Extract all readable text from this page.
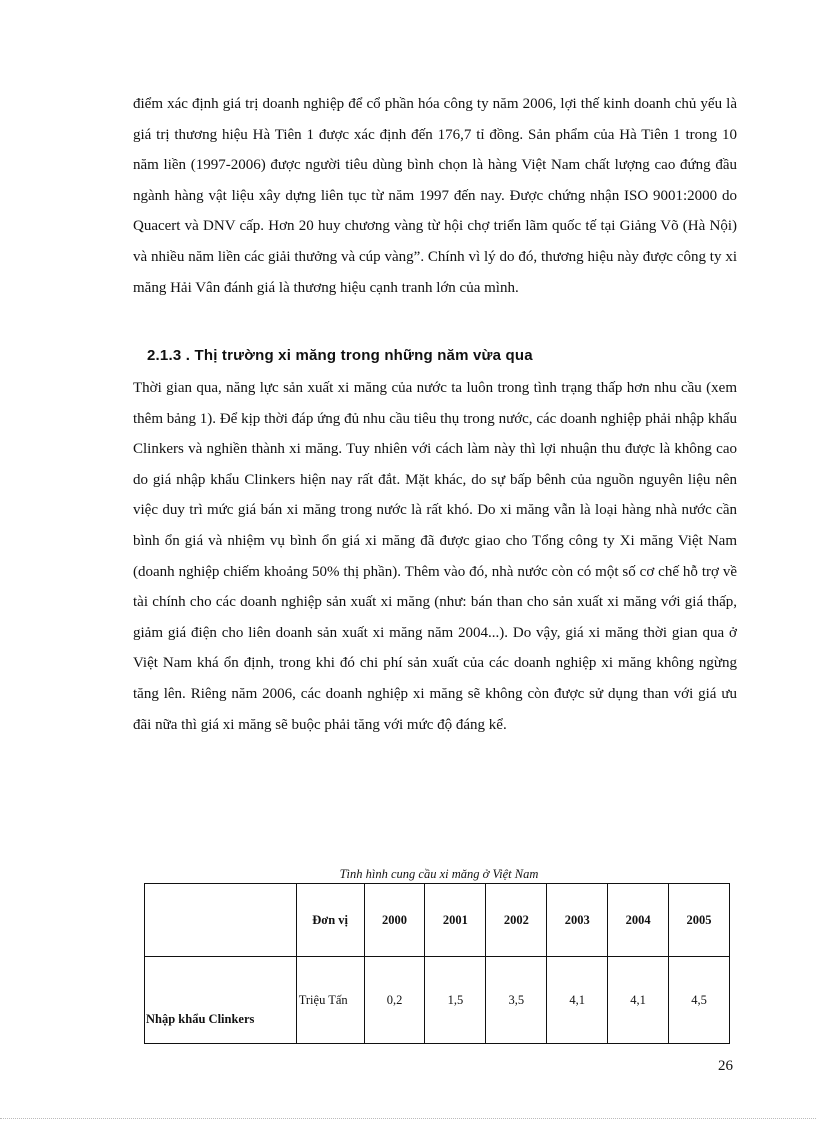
điểm xác định giá trị doanh nghiệp để cổ phần hóa công ty năm 2006, lợi thế kinh doanh chủ yếu là giá trị thương hiệu Hà Tiên 1 được xác định đến 176,7 tỉ đồng. Sản phẩm của Hà Tiên 1 trong 10 năm liền (1997-2006) được người tiêu dùng bình chọn là hàng Việt Nam chất lượng cao đứng đầu ngành hàng vật liệu xây dựng liên tục từ năm 1997 đến nay. Được chứng nhận ISO 9001:2000 do Quacert và DNV cấp. Hơn 20 huy chương vàng từ hội chợ triển lãm quốc tế tại Giảng Võ (Hà Nội) và nhiều năm liền các giải thưởng và cúp vàng”. Chính vì lý do đó, thương hiệu này được công ty xi măng Hải Vân đánh giá là thương hiệu cạnh tranh lớn của mình.

2.1.3 . Thị trường xi măng trong những năm vừa qua

Thời gian qua, năng lực sản xuất xi măng của nước ta luôn trong tình trạng thấp hơn nhu cầu (xem thêm bảng 1). Để kịp thời đáp ứng đủ nhu cầu tiêu thụ trong nước, các doanh nghiệp phải nhập khẩu Clinkers và nghiền thành xi măng. Tuy nhiên với cách làm này thì lợi nhuận thu được là không cao do giá nhập khẩu Clinkers hiện nay rất đắt. Mặt khác, do sự bấp bênh của nguồn nguyên liệu nên việc duy trì mức giá bán xi măng trong nước là rất khó. Do xi măng vẫn là loại hàng nhà nước cần bình ổn giá và nhiệm vụ bình ổn giá xi măng đã được giao cho Tổng công ty Xi măng Việt Nam (doanh nghiệp chiếm khoảng 50% thị phần). Thêm vào đó, nhà nước còn có một số cơ chế hỗ trợ về tài chính cho các doanh nghiệp sản xuất xi măng (như: bán than cho sản xuất xi măng với giá thấp, giảm giá điện cho liên doanh sản xuất xi măng năm 2004...). Do vậy, giá xi măng thời gian qua ở Việt Nam khá ổn định, trong khi đó chi phí sản xuất của các doanh nghiệp xi măng không ngừng tăng lên. Riêng năm 2006, các doanh nghiệp xi măng sẽ không còn được sử dụng than với giá ưu đãi nữa thì giá xi măng sẽ buộc phải tăng với mức độ đáng kể.

Tình hình cung cầu xi măng ở Việt Nam
	Đơn vị	2000	2001	2002	2003	2004	2005
Nhập khẩu Clinkers	Triệu Tấn	0,2	1,5	3,5	4,1	4,1	4,5
26
